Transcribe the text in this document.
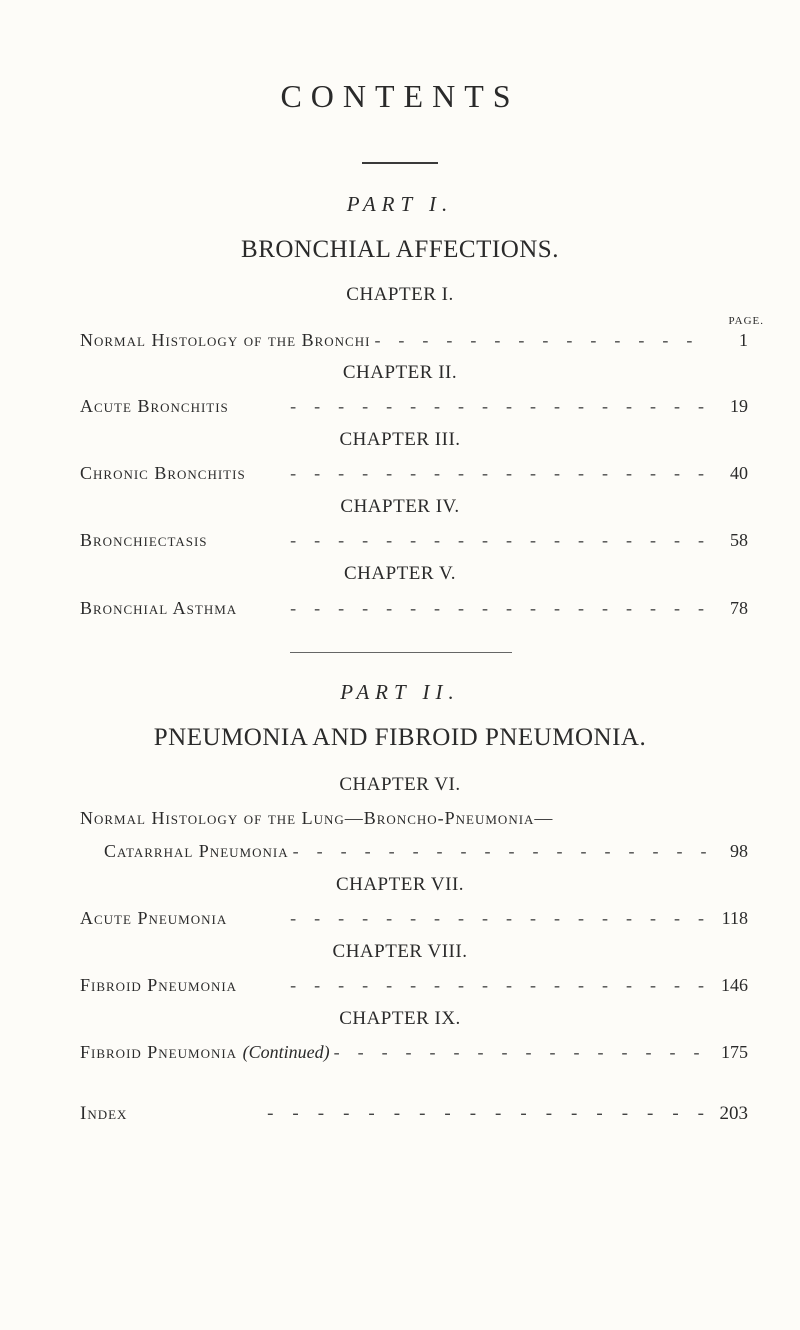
CONTENTS
PART I.
BRONCHIAL AFFECTIONS.
PAGE.
CHAPTER I.
Normal Histology of the Bronchi -	1
CHAPTER II.
Acute Bronchitis -	19
CHAPTER III.
Chronic Bronchitis -	40
CHAPTER IV.
Bronchiectasis -	58
CHAPTER V.
Bronchial Asthma -	78
PART II.
PNEUMONIA AND FIBROID PNEUMONIA.
CHAPTER VI.
Normal Histology of the Lung—Broncho-Pneumonia—
Catarrhal Pneumonia -	98
CHAPTER VII.
Acute Pneumonia -	118
CHAPTER VIII.
Fibroid Pneumonia -	146
CHAPTER IX.
Fibroid Pneumonia (Continued) -	175
Index -	203
